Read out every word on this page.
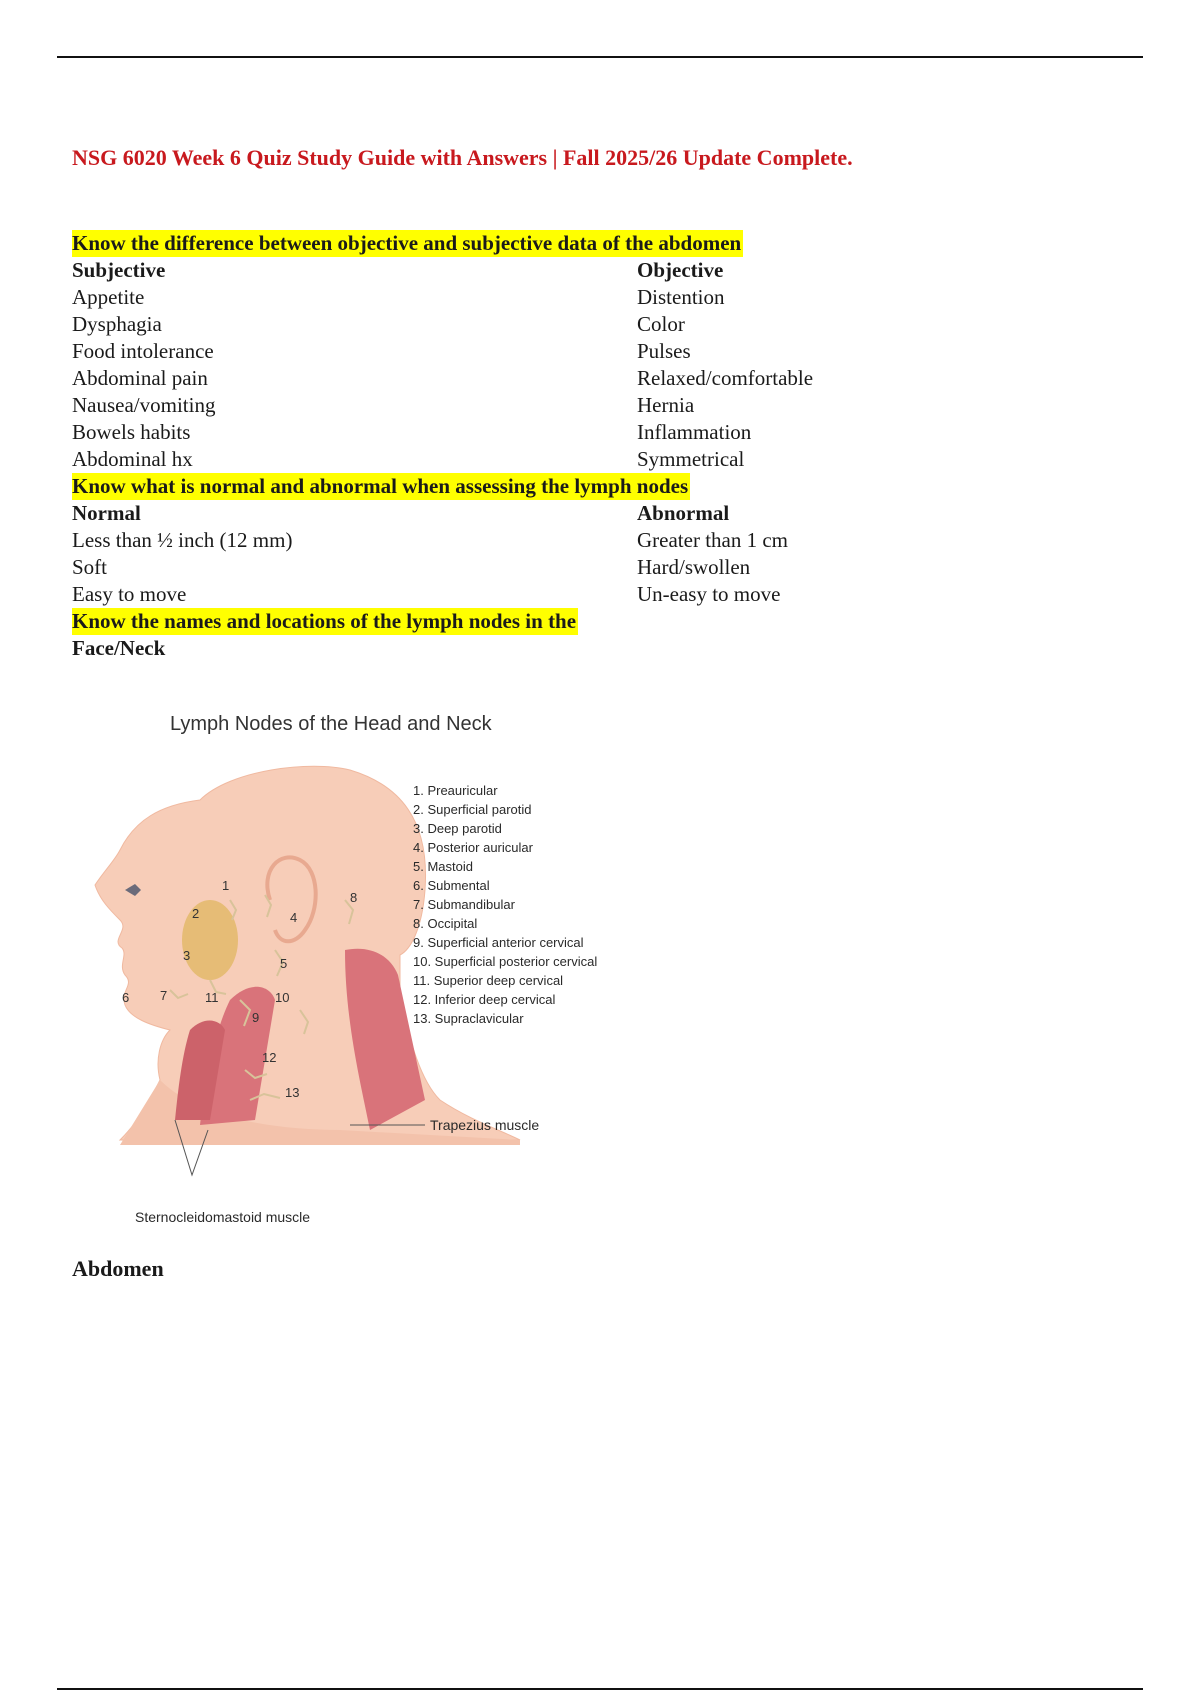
NSG 6020 Week 6 Quiz Study Guide with Answers | Fall 2025/26 Update Complete.
Know the difference between objective and subjective data of the abdomen
Subjective	Objective
Appetite	Distention
Dysphagia	Color
Food intolerance	Pulses
Abdominal pain	Relaxed/comfortable
Nausea/vomiting	Hernia
Bowels habits	Inflammation
Abdominal hx	Symmetrical
Know what is normal and abnormal when assessing the lymph nodes
Normal	Abnormal
Less than ½ inch (12 mm)	Greater than 1 cm
Soft	Hard/swollen
Easy to move	Un-easy to move
Know the names and locations of the lymph nodes in the
Face/Neck
Lymph Nodes of the Head and Neck
1
2
3
4
5
6 7
8
9
10
11
12
13
1. Preauricular
2. Superficial parotid
3. Deep parotid
4. Posterior auricular
5. Mastoid
6. Submental
7. Submandibular
8. Occipital
9. Superficial anterior cervical
10. Superficial posterior cervical
11. Superior deep cervical
12. Inferior deep cervical
13. Supraclavicular
Trapezius muscle
Sternocleidomastoid muscle
Abdomen
